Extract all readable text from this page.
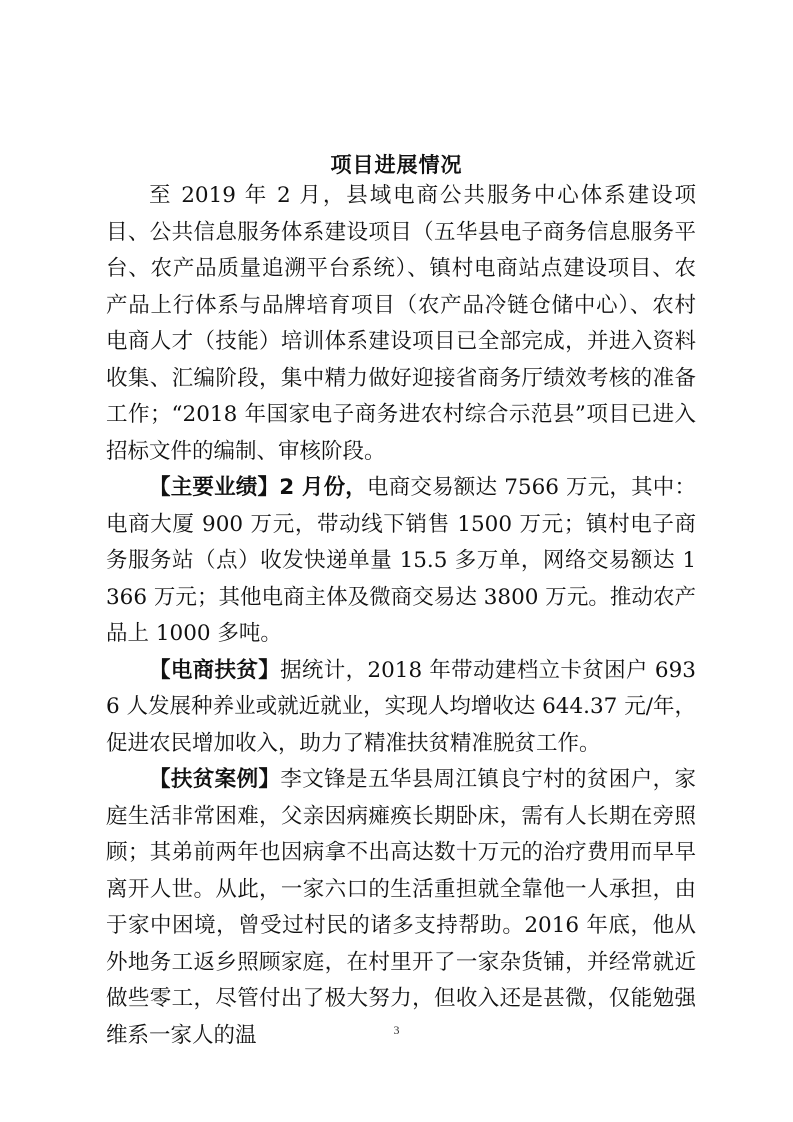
项目进展情况

至 2019 年 2 月，县域电商公共服务中心体系建设项目、公共信息服务体系建设项目（五华县电子商务信息服务平台、农产品质量追溯平台系统）、镇村电商站点建设项目、农产品上行体系与品牌培育项目（农产品冷链仓储中心）、农村电商人才（技能）培训体系建设项目已全部完成，并进入资料收集、汇编阶段，集中精力做好迎接省商务厅绩效考核的准备工作；“2018 年国家电子商务进农村综合示范县”项目已进入招标文件的编制、审核阶段。

【主要业绩】2 月份，电商交易额达 7566 万元，其中：电商大厦 900 万元，带动线下销售 1500 万元；镇村电子商务服务站（点）收发快递单量 15.5 多万单，网络交易额达 1366 万元；其他电商主体及微商交易达 3800 万元。推动农产品上 1000 多吨。

【电商扶贫】据统计，2018 年带动建档立卡贫困户 6936 人发展种养业或就近就业，实现人均增收达 644.37 元/年，促进农民增加收入，助力了精准扶贫精准脱贫工作。

【扶贫案例】李文锋是五华县周江镇良宁村的贫困户，家庭生活非常困难，父亲因病瘫痪长期卧床，需有人长期在旁照顾；其弟前两年也因病拿不出高达数十万元的治疗费用而早早离开人世。从此，一家六口的生活重担就全靠他一人承担，由于家中困境，曾受过村民的诸多支持帮助。2016 年底，他从外地务工返乡照顾家庭，在村里开了一家杂货铺，并经常就近做些零工，尽管付出了极大努力，但收入还是甚微，仅能勉强维系一家人的温	3
